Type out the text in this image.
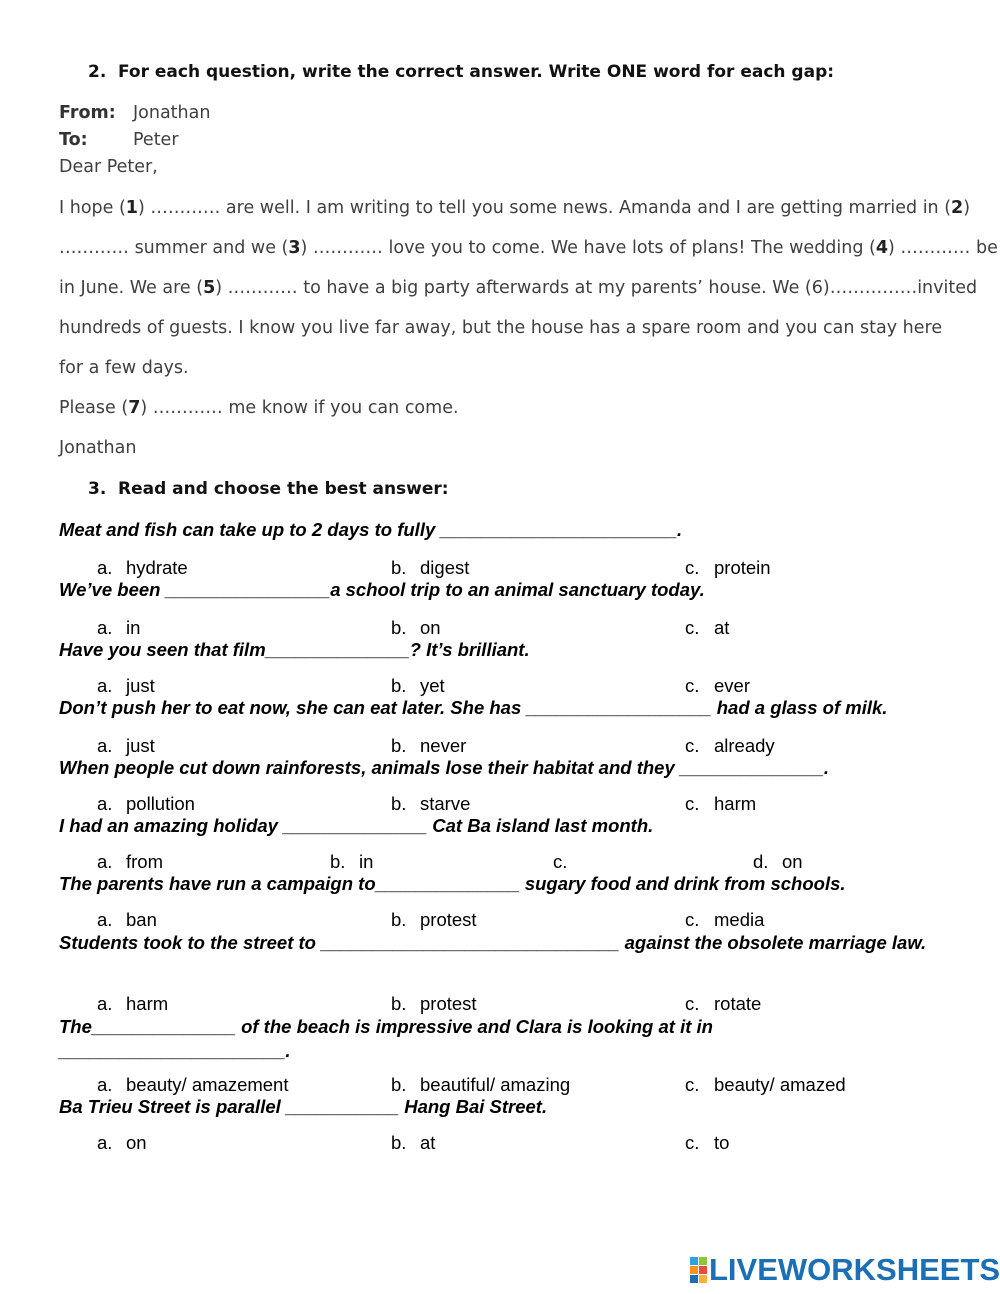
2. For each question, write the correct answer. Write ONE word for each gap:
From: Jonathan
To:	Peter
Dear Peter,
I hope (1) ………… are well. I am writing to tell you some news. Amanda and I are getting married in (2)
………… summer and we (3) ………… love you to come. We have lots of plans! The wedding (4) ………… be
in June. We are (5) ………… to have a big party afterwards at my parents’ house. We (6)……………invited
hundreds of guests. I know you live far away, but the house has a spare room and you can stay here
for a few days.
Please (7) ………… me know if you can come.
Jonathan
3. Read and choose the best answer:
Meat and fish can take up to 2 days to fully _______________________.
a. hydrate	b. digest	c. protein
We’ve been ________________a school trip to an animal sanctuary today.
a. in	b. on	c. at
Have you seen that film______________? It’s brilliant.
a. just	b. yet	c. ever
Don’t push her to eat now, she can eat later. She has __________________ had a glass of milk.
a. just	b. never	c. already
When people cut down rainforests, animals lose their habitat and they ______________.
a. pollution	b. starve	c. harm
I had an amazing holiday ______________ Cat Ba island last month.
a. from	b. in	c.	d. on
The parents have run a campaign to______________ sugary food and drink from schools.
a. ban	b. protest	c. media
Students took to the street to _____________________________ against the obsolete marriage law.
a. harm	b. protest	c. rotate
The______________ of the beach is impressive and Clara is looking at it in ______________________.
a. beauty/ amazement	b. beautiful/ amazing	c. beauty/ amazed
Ba Trieu Street is parallel ___________ Hang Bai Street.
a. on	b. at	c. to
LIVEWORKSHEETS
